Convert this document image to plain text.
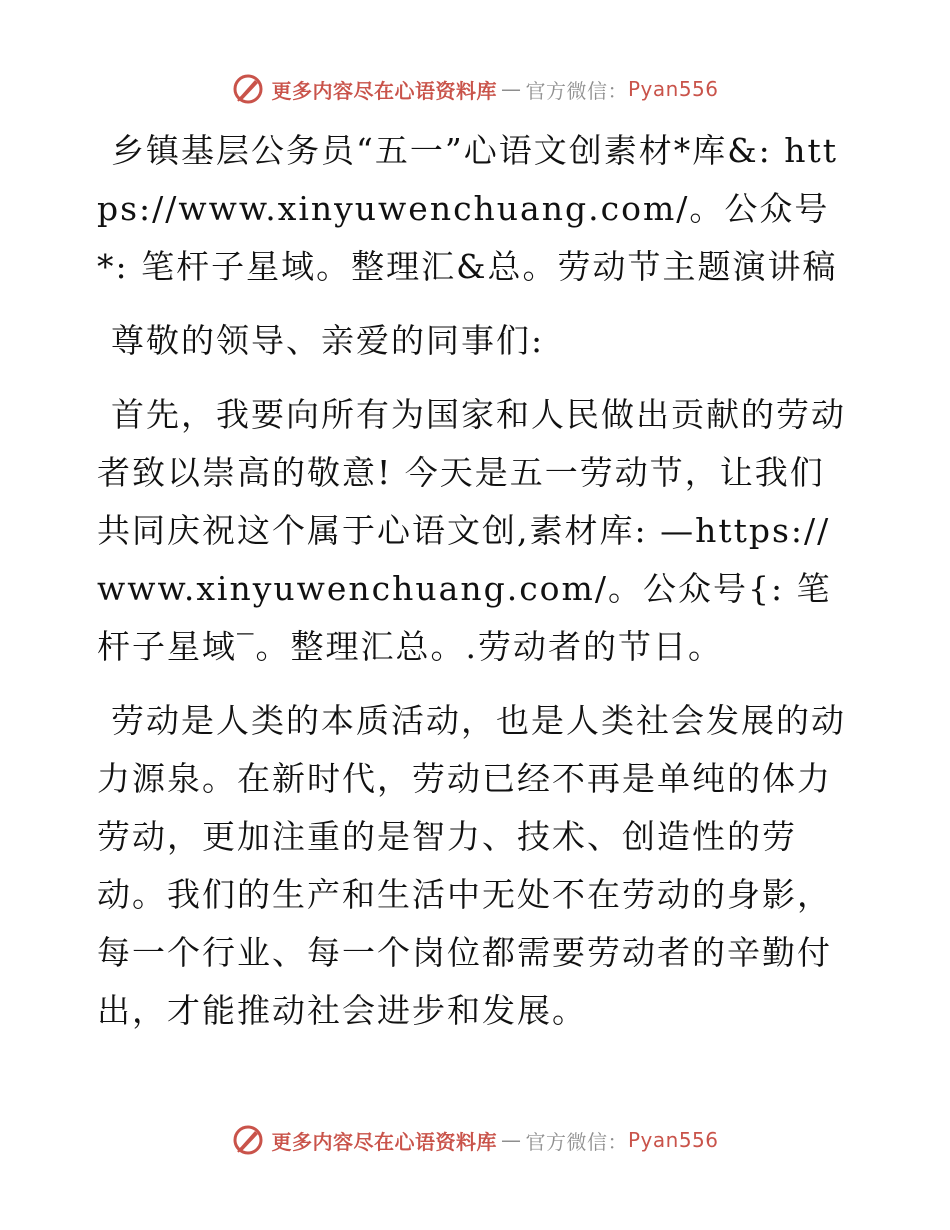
更多内容尽在心语资料库 — 官方微信： Pyan556

乡镇基层公务员“五一”心语文创素材*库&: https://www.xinyuwenchuang.com/。公众号*: 笔杆子星域。整理汇&总。劳动节主题演讲稿

尊敬的领导、亲爱的同事们:

首先，我要向所有为国家和人民做出贡献的劳动者致以崇高的敬意! 今天是五一劳动节，让我们共同庆祝这个属于心语文创,素材库: —https:// www.xinyuwenchuang.com/。公众号{: 笔杆子星域‾。整理汇总。.劳动者的节日。

劳动是人类的本质活动，也是人类社会发展的动力源泉。在新时代，劳动已经不再是单纯的体力劳动，更加注重的是智力、技术、创造性的劳动。我们的生产和生活中无处不在劳动的身影，每一个行业、每一个岗位都需要劳动者的辛勤付出，才能推动社会进步和发展。

更多内容尽在心语资料库 — 官方微信： Pyan556
